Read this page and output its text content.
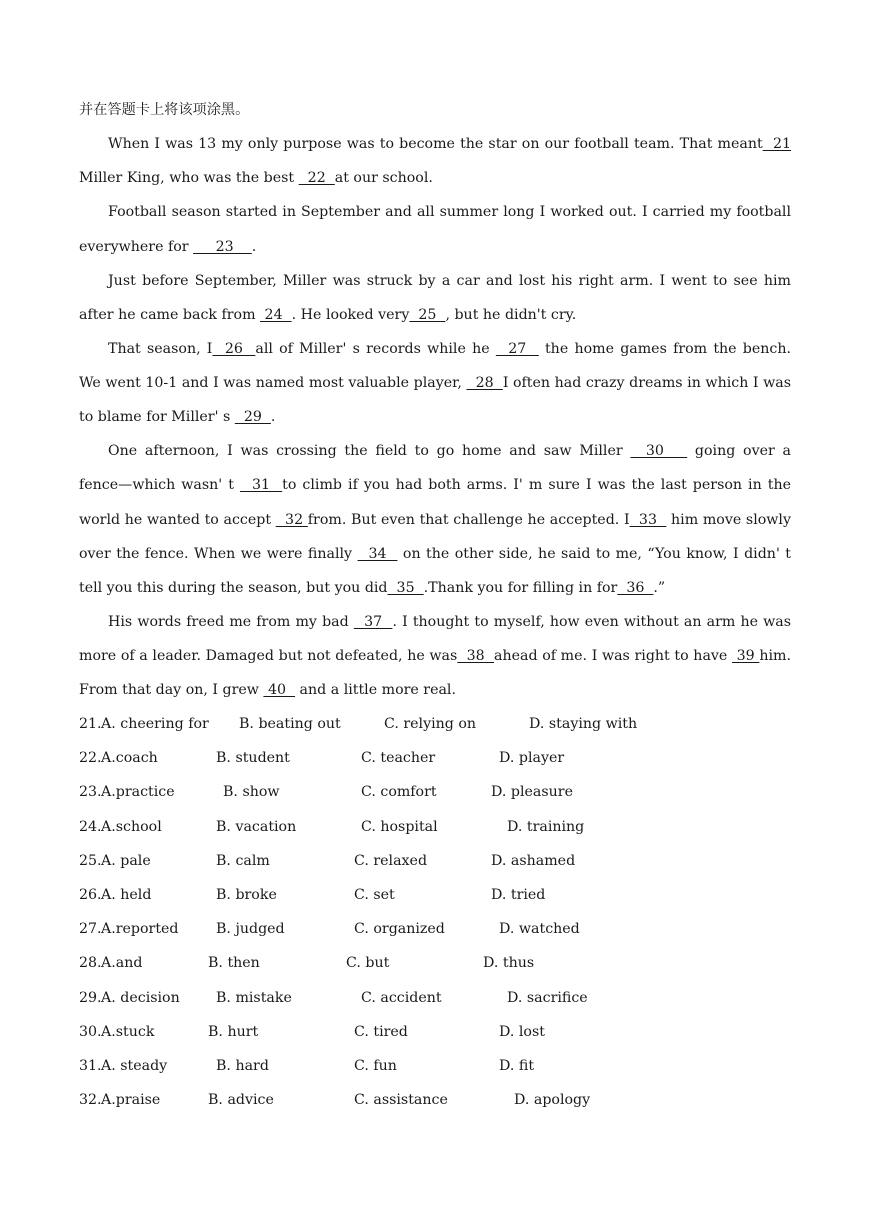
并在答题卡上将该项涂黑。
When I was 13 my only purpose was to become the star on our football team. That meant  21
Miller King, who was the best   22  at our school.
Football season started in September and all summer long I worked out. I carried my football
everywhere for      23    .
Just before September, Miller was struck by a car and lost his right arm. I went to see him
after he came back from  24  . He looked very  25  , but he didn't cry.
That season, I  26  all of Miller' s records while he   27   the home games from the bench.
We went 10-1 and I was named most valuable player,   28  I often had crazy dreams in which I was
to blame for Miller' s   29  .
One afternoon, I was crossing the field to go home and saw Miller   30    going over a
fence—which wasn' t   31  to climb if you had both arms. I' m sure I was the last person in the
world he wanted to accept   32 from. But even that challenge he accepted. I  33   him move slowly
over the fence. When we were finally   34   on the other side, he said to me, “You know, I didn' t
tell you this during the season, but you did  35  .Thank you for filling in for  36  .”
His words freed me from my bad   37  . I thought to myself, how even without an arm he was
more of a leader. Damaged but not defeated, he was  38  ahead of me. I was right to have  39 him.
From that day on, I grew  40   and a little more real.
21. A. cheering for B. beating out	C. relying on	D. staying with
22. A.coach	B. student	C. teacher	D. player
23. A.practice	B. show	C. comfort	D. pleasure
24. A.school	B. vacation	C. hospital	D. training
25. A. pale	B. calm	C. relaxed	D. ashamed
26. A. held	B. broke	C. set	D. tried
27. A.reported	B. judged	C. organized	D. watched
28. A.and	B. then	C. but	D. thus
29. A. decision	B. mistake	C. accident	D. sacrifice
30. A.stuck	B. hurt	C. tired	D. lost
31. A. steady	B. hard	C. fun	D. fit
32. A.praise	B. advice	C. assistance	D. apology
